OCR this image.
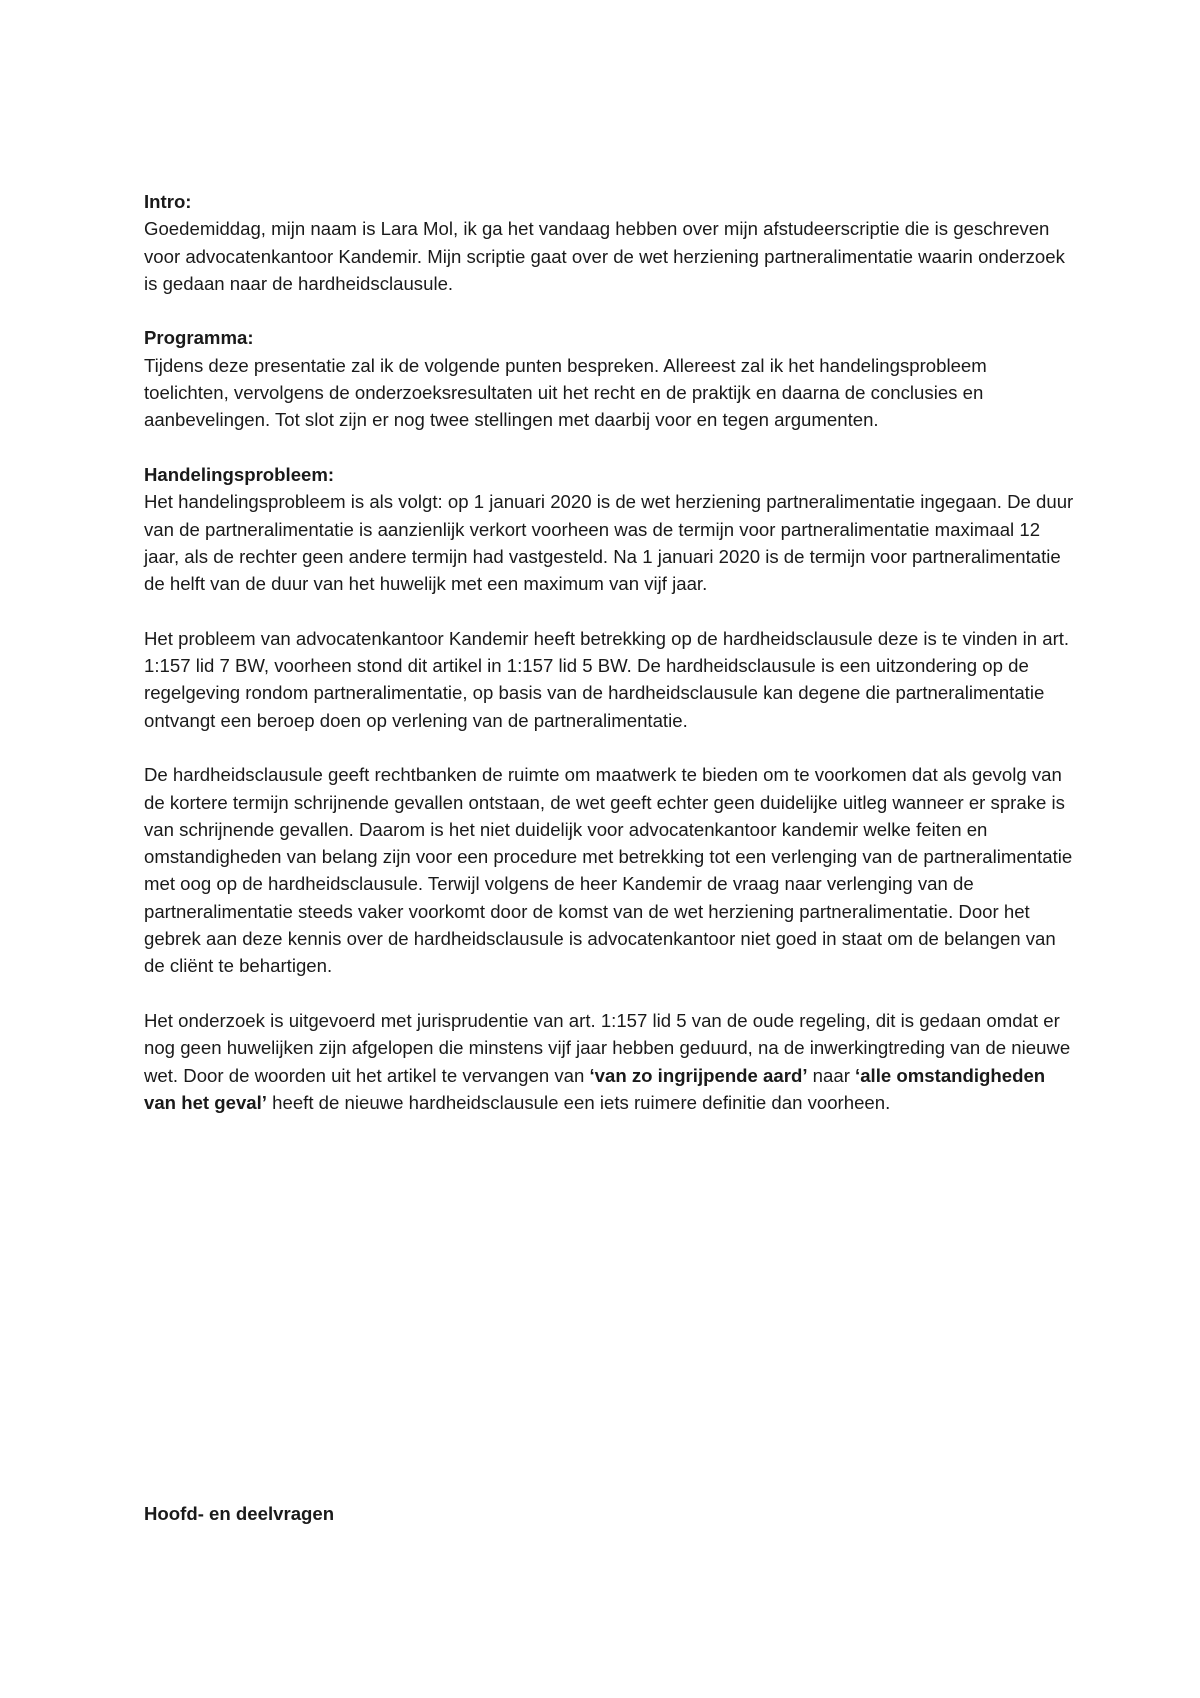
Intro:

Goedemiddag, mijn naam is Lara Mol, ik ga het vandaag hebben over mijn afstudeerscriptie die is geschreven voor advocatenkantoor Kandemir. Mijn scriptie gaat over de wet herziening partneralimentatie waarin onderzoek is gedaan naar de hardheidsclausule.

Programma:

Tijdens deze presentatie zal ik de volgende punten bespreken. Allereest zal ik het handelingsprobleem toelichten, vervolgens de onderzoeksresultaten uit het recht en de praktijk en daarna de conclusies en aanbevelingen. Tot slot zijn er nog twee stellingen met daarbij voor en tegen argumenten.

Handelingsprobleem:

Het handelingsprobleem is als volgt: op 1 januari 2020 is de wet herziening partneralimentatie ingegaan. De duur van de partneralimentatie is aanzienlijk verkort voorheen was de termijn voor partneralimentatie maximaal 12 jaar, als de rechter geen andere termijn had vastgesteld. Na 1 januari 2020 is de termijn voor partneralimentatie de helft van de duur van het huwelijk met een maximum van vijf jaar.

Het probleem van advocatenkantoor Kandemir heeft betrekking op de hardheidsclausule deze is te vinden in art. 1:157 lid 7 BW, voorheen stond dit artikel in 1:157 lid 5 BW. De hardheidsclausule is een uitzondering op de regelgeving rondom partneralimentatie, op basis van de hardheidsclausule kan degene die partneralimentatie ontvangt een beroep doen op verlening van de partneralimentatie.

De hardheidsclausule geeft rechtbanken de ruimte om maatwerk te bieden om te voorkomen dat als gevolg van de kortere termijn schrijnende gevallen ontstaan, de wet geeft echter geen duidelijke uitleg wanneer er sprake is van schrijnende gevallen. Daarom is het niet duidelijk voor advocatenkantoor kandemir welke feiten en omstandigheden van belang zijn voor een procedure met betrekking tot een verlenging van de partneralimentatie met oog op de hardheidsclausule. Terwijl volgens de heer Kandemir de vraag naar verlenging van de partneralimentatie steeds vaker voorkomt door de komst van de wet herziening partneralimentatie. Door het gebrek aan deze kennis over de hardheidsclausule is advocatenkantoor niet goed in staat om de belangen van de cliënt te behartigen.

Het onderzoek is uitgevoerd met jurisprudentie van art. 1:157 lid 5 van de oude regeling, dit is gedaan omdat er nog geen huwelijken zijn afgelopen die minstens vijf jaar hebben geduurd, na de inwerkingtreding van de nieuwe wet. Door de woorden uit het artikel te vervangen van ‘van zo ingrijpende aard’ naar ‘alle omstandigheden van het geval’ heeft de nieuwe hardheidsclausule een iets ruimere definitie dan voorheen.

Hoofd- en deelvragen
